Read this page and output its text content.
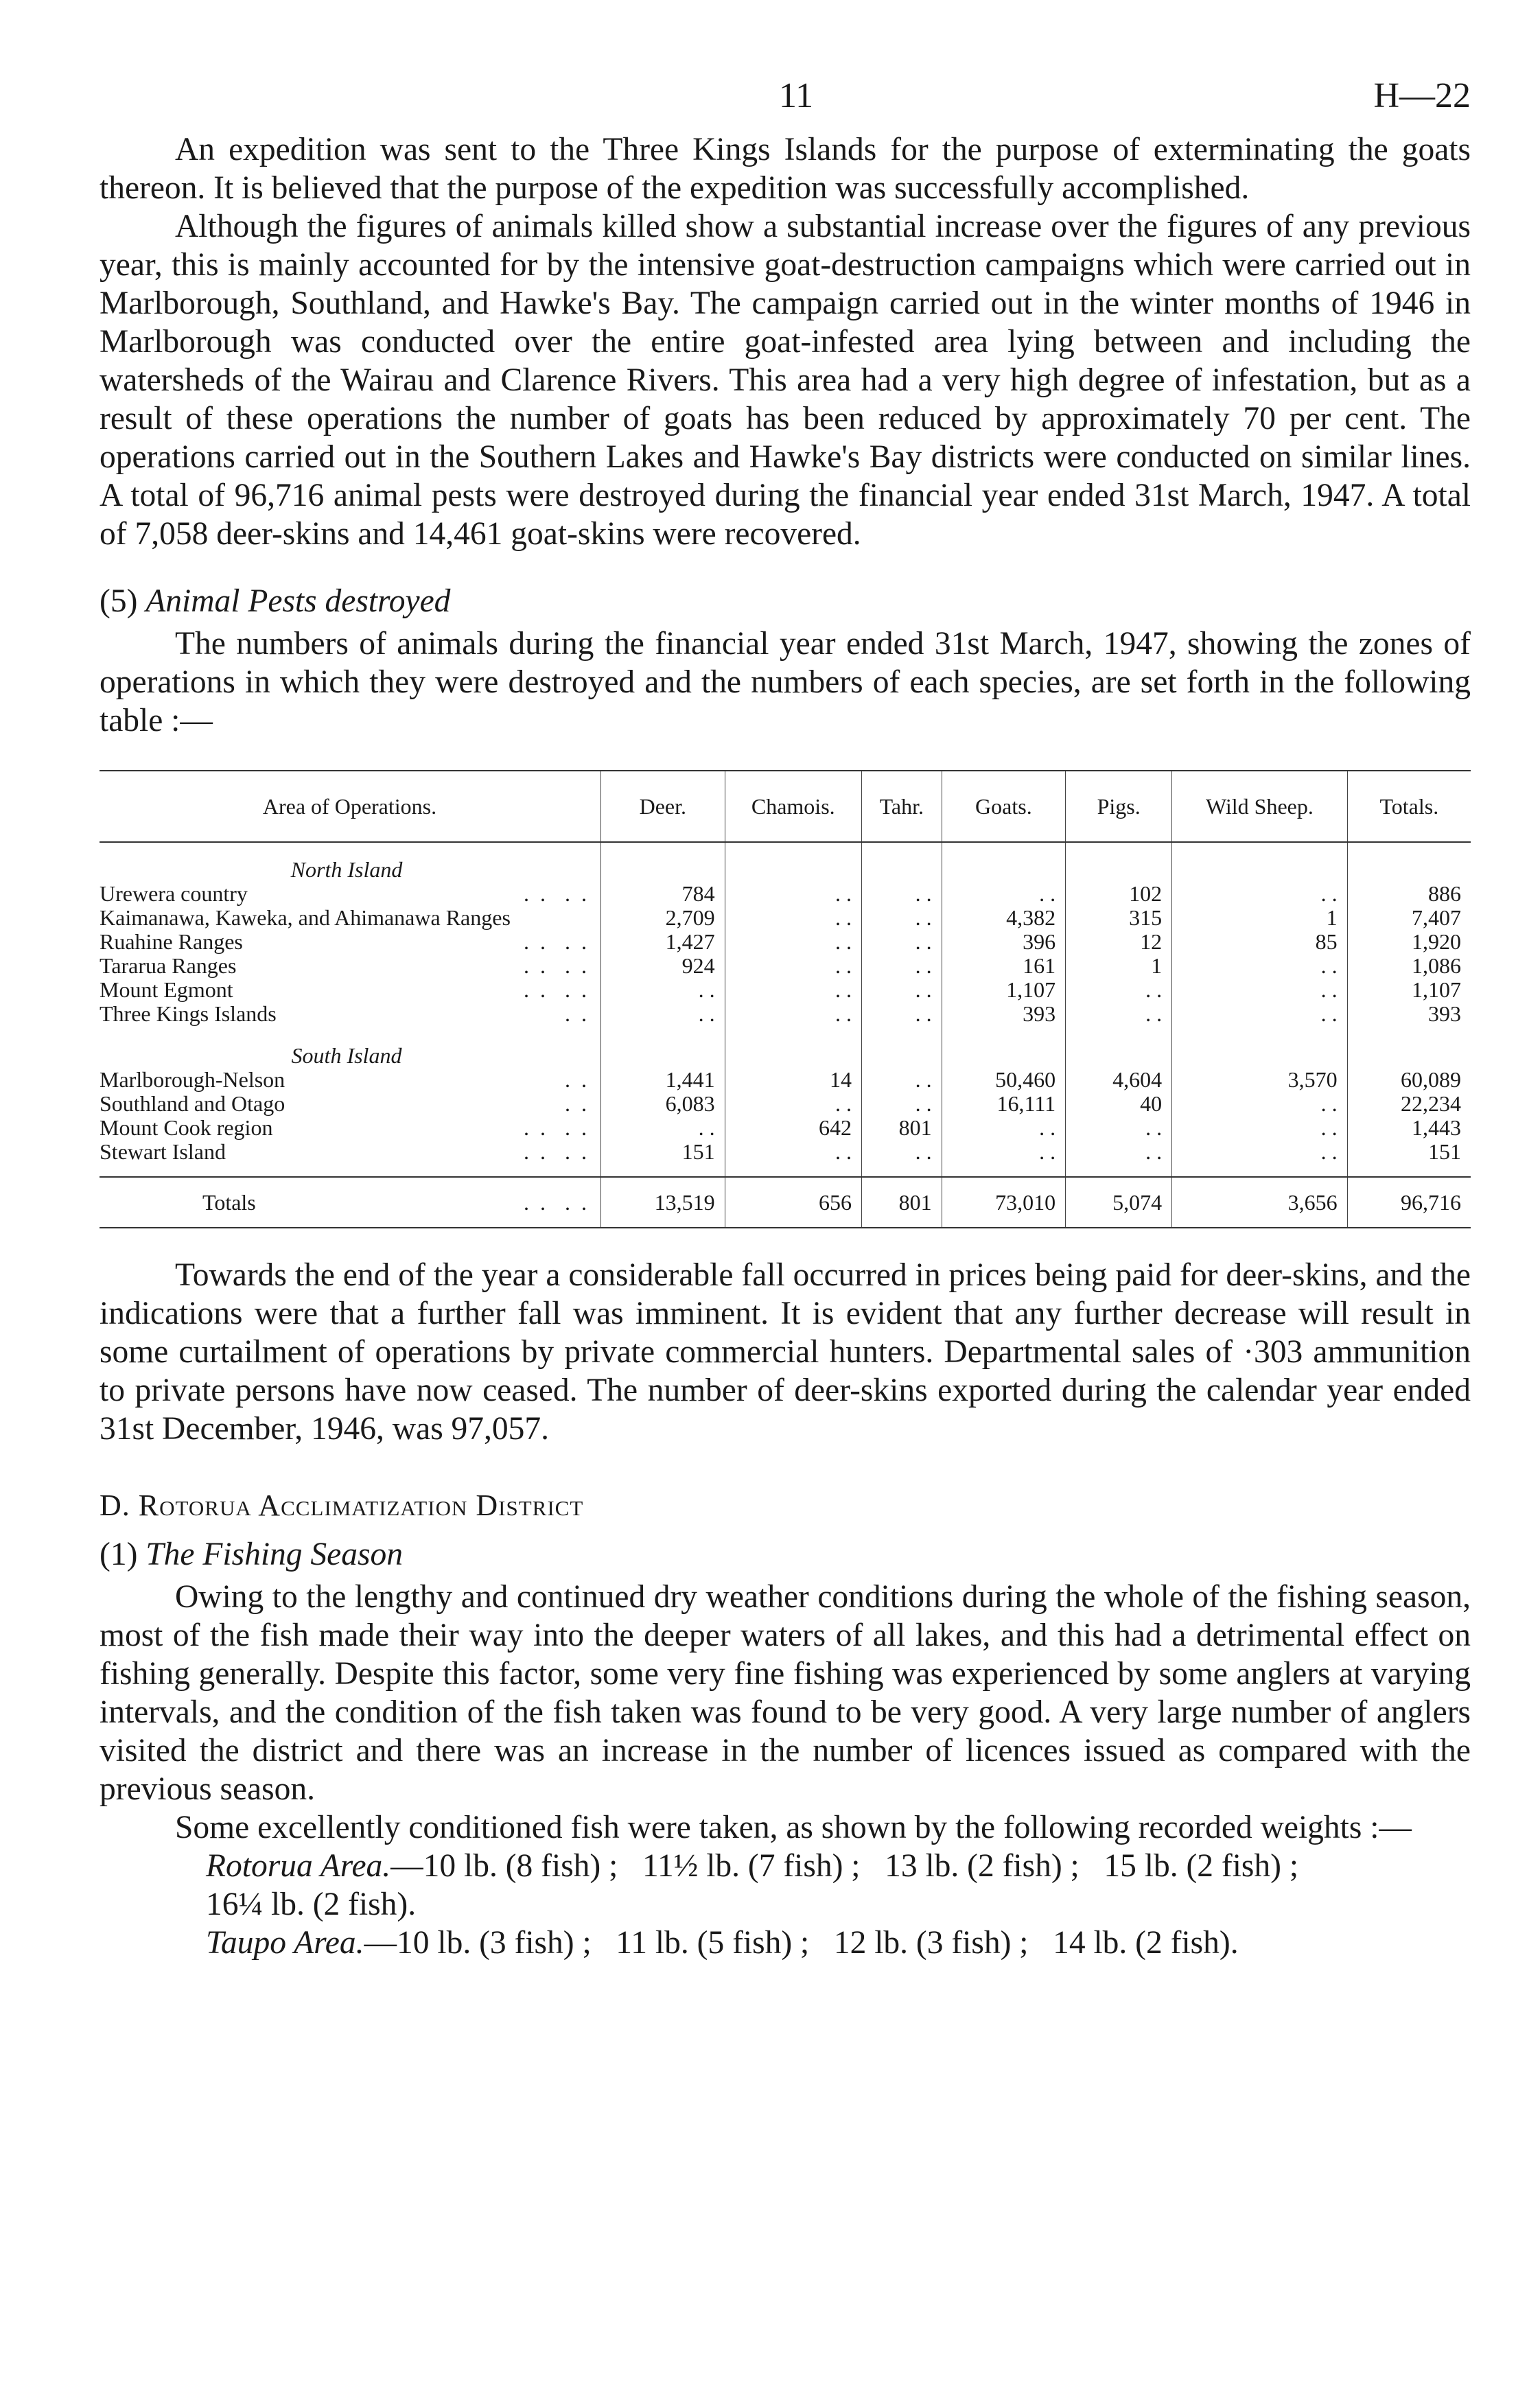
11	H—22

An expedition was sent to the Three Kings Islands for the purpose of exterminating the goats thereon. It is believed that the purpose of the expedition was successfully accomplished.

Although the figures of animals killed show a substantial increase over the figures of any previous year, this is mainly accounted for by the intensive goat-destruction campaigns which were carried out in Marlborough, Southland, and Hawke's Bay. The campaign carried out in the winter months of 1946 in Marlborough was conducted over the entire goat-infested area lying between and including the watersheds of the Wairau and Clarence Rivers. This area had a very high degree of infestation, but as a result of these operations the number of goats has been reduced by approximately 70 per cent. The operations carried out in the Southern Lakes and Hawke's Bay districts were conducted on similar lines. A total of 96,716 animal pests were destroyed during the financial year ended 31st March, 1947. A total of 7,058 deer-skins and 14,461 goat-skins were recovered.

(5) Animal Pests destroyed

The numbers of animals during the financial year ended 31st March, 1947, showing the zones of operations in which they were destroyed and the numbers of each species, are set forth in the following table :—

Area of Operations.	Deer.	Chamois.	Tahr.	Goats.	Pigs.	Wild Sheep.	Totals.
North Island							
Urewera country . .  . .	784	. .	. .	. .	102	. .	886
Kaimanawa, Kaweka, and Ahimanawa Ranges	2,709	. .	. .	4,382	315	1	7,407
Ruahine Ranges . .  . .	1,427	. .	. .	396	12	85	1,920
Tararua Ranges . .  . .	924	. .	. .	161	1	. .	1,086
Mount Egmont . .  . .	. .	. .	. .	1,107	. .	. .	1,107
Three Kings Islands . .	. .	. .	. .	393	. .	. .	393
South Island							
Marlborough-Nelson . .	1,441	14	. .	50,460	4,604	3,570	60,089
Southland and Otago . .	6,083	. .	. .	16,111	40	. .	22,234
Mount Cook region . .  . .	. .	642	801	. .	. .	. .	1,443
Stewart Island . .  . .	151	. .	. .	. .	. .	. .	151
Totals . .  . .	13,519	656	801	73,010	5,074	3,656	96,716

Towards the end of the year a considerable fall occurred in prices being paid for deer-skins, and the indications were that a further fall was imminent. It is evident that any further decrease will result in some curtailment of operations by private commercial hunters. Departmental sales of ·303 ammunition to private persons have now ceased. The number of deer-skins exported during the calendar year ended 31st December, 1946, was 97,057.

D. Rotorua Acclimatization District
(1) The Fishing Season

Owing to the lengthy and continued dry weather conditions during the whole of the fishing season, most of the fish made their way into the deeper waters of all lakes, and this had a detrimental effect on fishing generally. Despite this factor, some very fine fishing was experienced by some anglers at varying intervals, and the condition of the fish taken was found to be very good. A very large number of anglers visited the district and there was an increase in the number of licences issued as compared with the previous season.

Some excellently conditioned fish were taken, as shown by the following recorded weights :—

Rotorua Area.—10 lb. (8 fish) ;   11½ lb. (7 fish) ;   13 lb. (2 fish) ;   15 lb. (2 fish) ;
16¼ lb. (2 fish).
Taupo Area.—10 lb. (3 fish) ;   11 lb. (5 fish) ;   12 lb. (3 fish) ;   14 lb. (2 fish).
